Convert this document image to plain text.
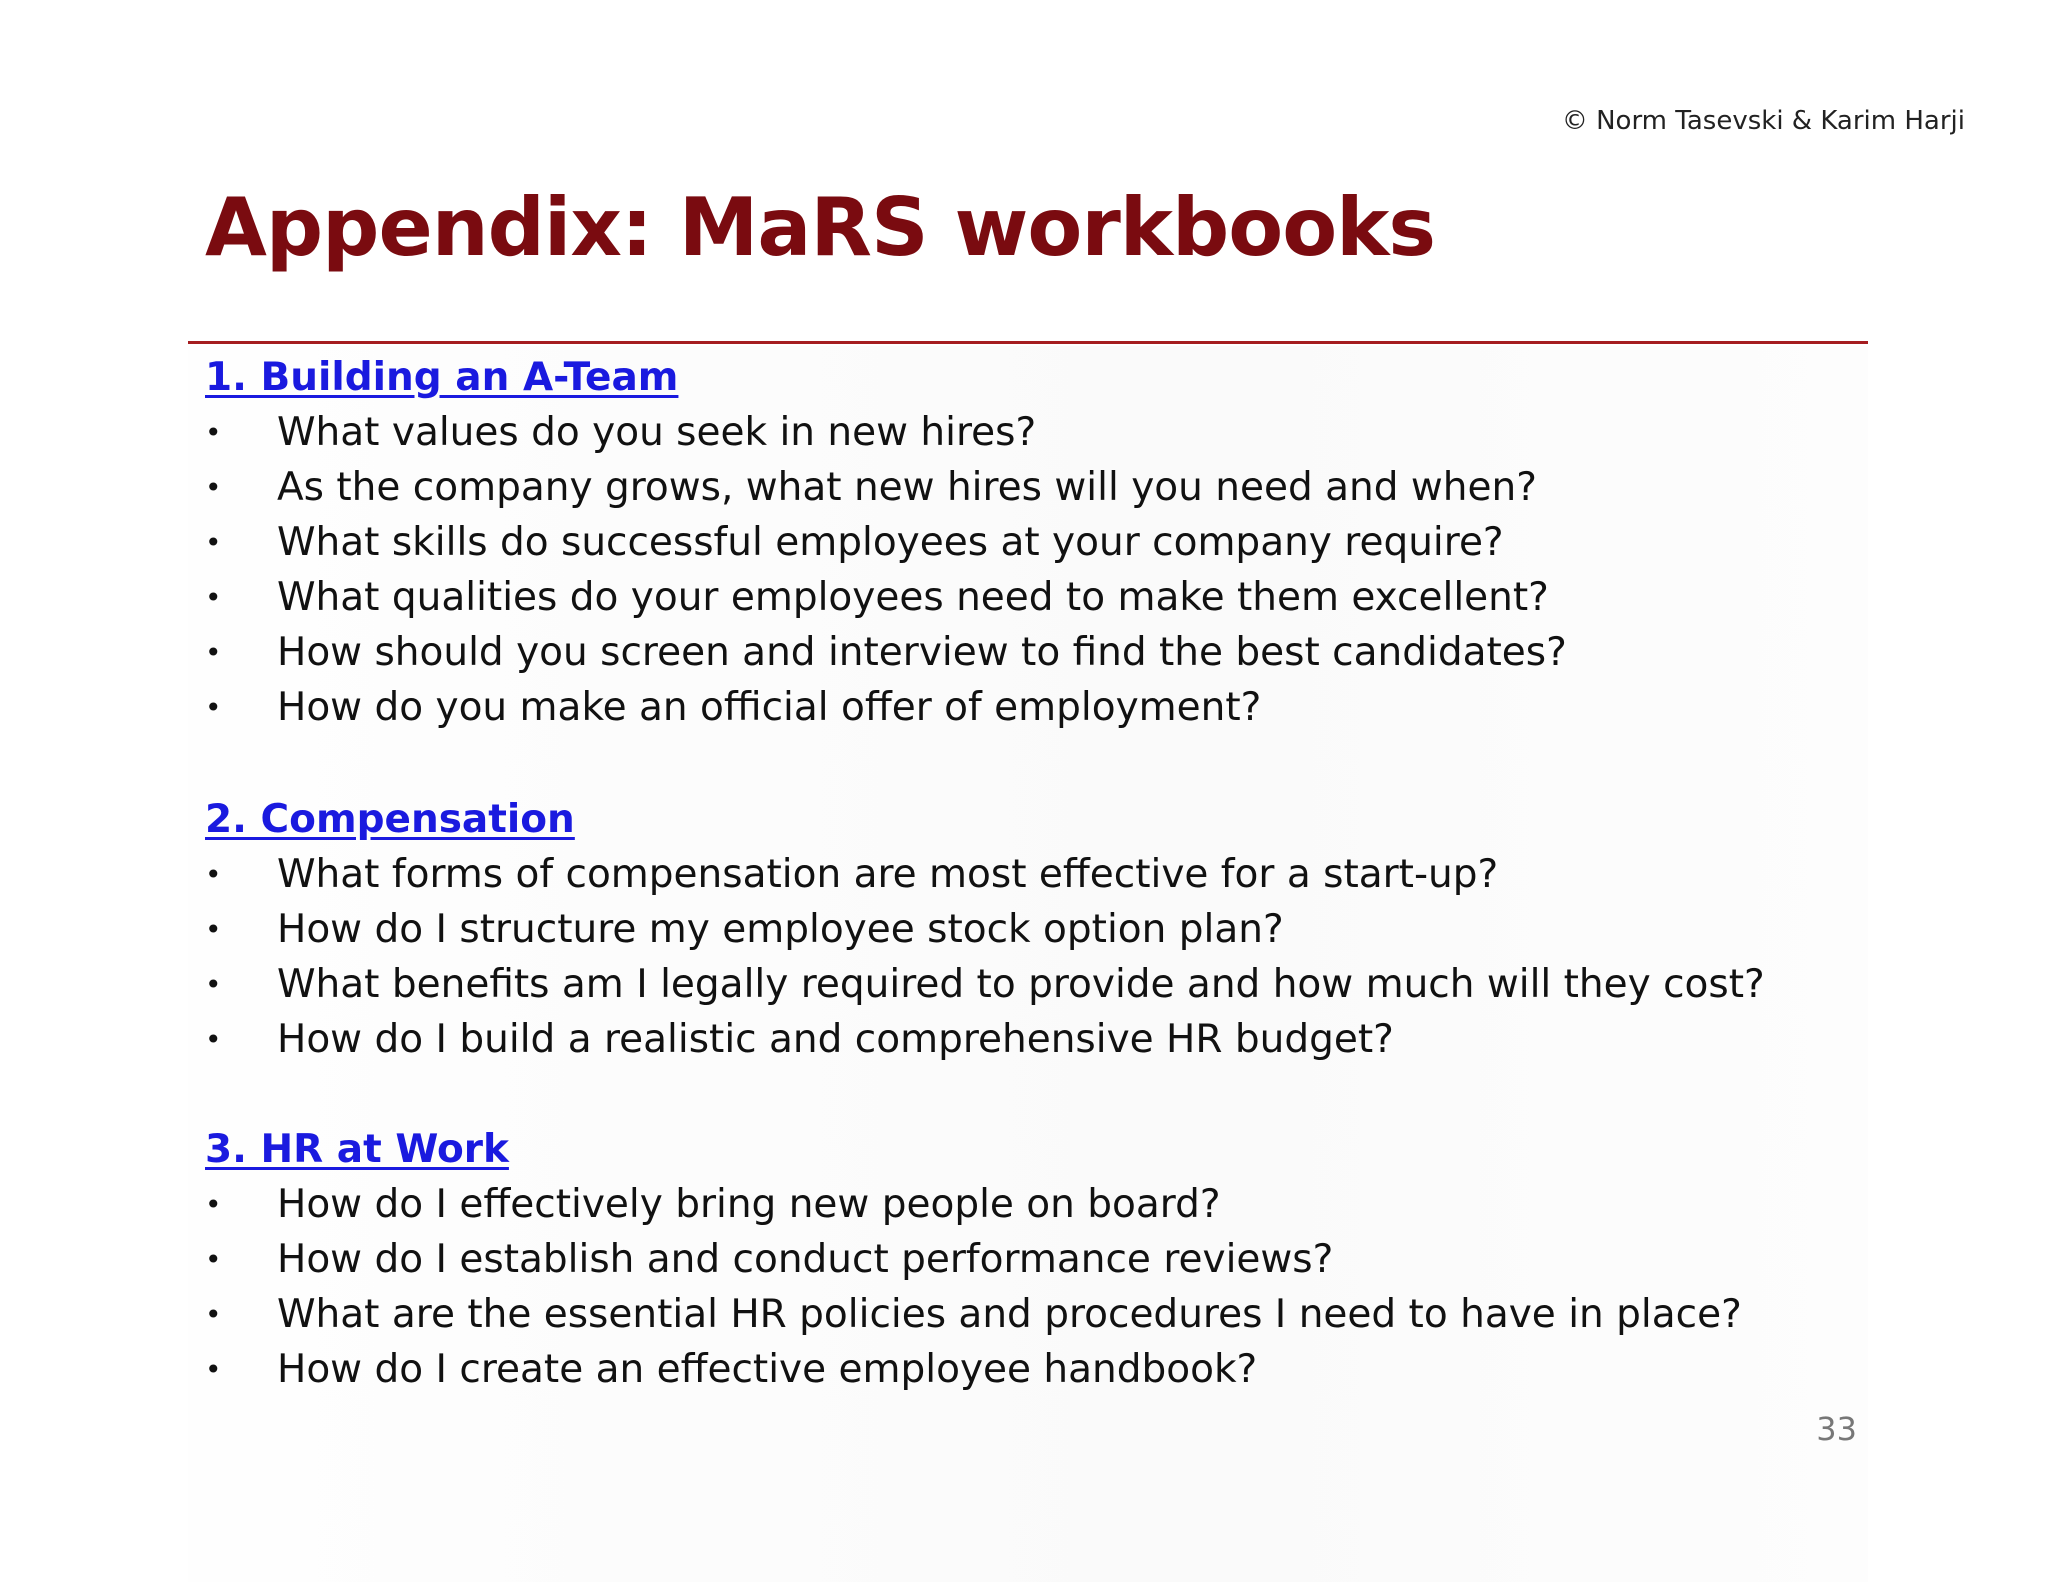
© Norm Tasevski & Karim Harji
Appendix: MaRS workbooks
1. Building an A-Team
• What values do you seek in new hires?
• As the company grows, what new hires will you need and when?
• What skills do successful employees at your company require?
• What qualities do your employees need to make them excellent?
• How should you screen and interview to find the best candidates?
• How do you make an official offer of employment?
2. Compensation
• What forms of compensation are most effective for a start-up?
• How do I structure my employee stock option plan?
• What benefits am I legally required to provide and how much will they cost?
• How do I build a realistic and comprehensive HR budget?
3. HR at Work
• How do I effectively bring new people on board?
• How do I establish and conduct performance reviews?
• What are the essential HR policies and procedures I need to have in place?
• How do I create an effective employee handbook?
33
